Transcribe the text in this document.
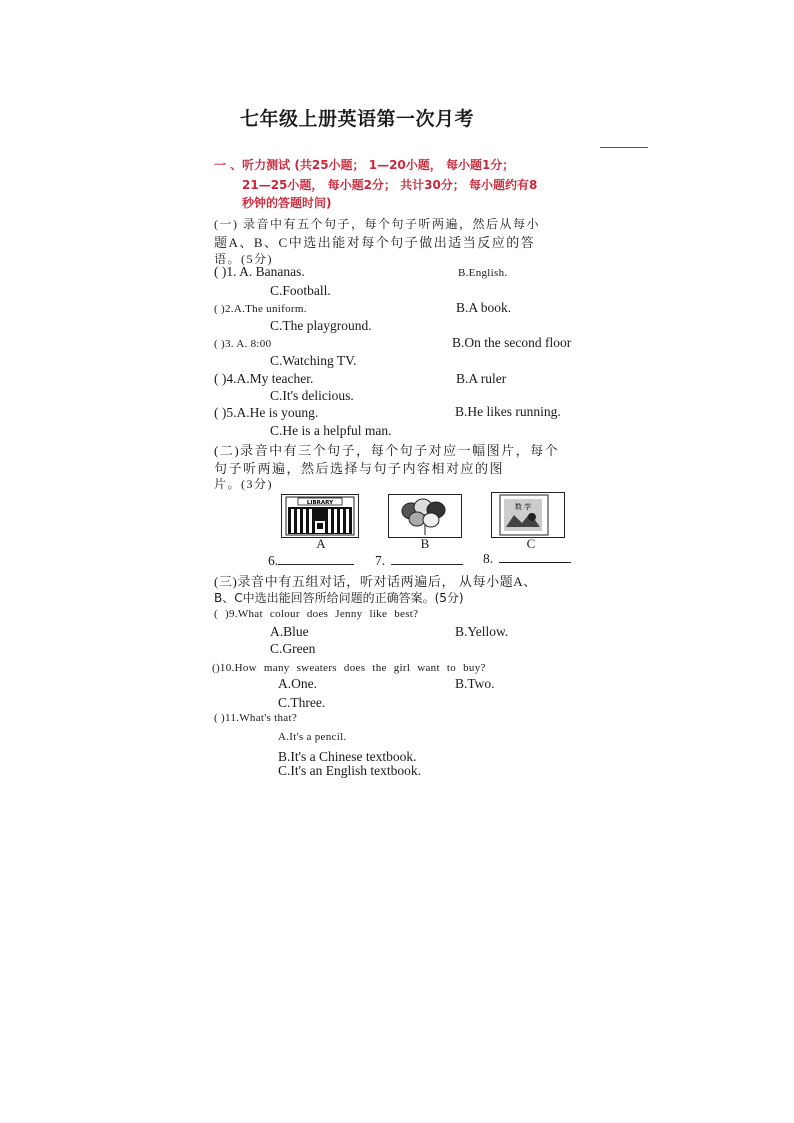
七年级上册英语第一次月考
一 、听力测试 (共25小题； 1—20小题， 每小题1分；
21—25小题， 每小题2分； 共计30分； 每小题约有8
秒钟的答题时间)
(一) 录音中有五个句子，每个句子听两遍，然后从每小
题A、B、C中选出能对每个句子做出适当反应的答
语。(5分)
( )1. A. Bananas.	B.English.
C.Football.
( )2.A.The uniform.	B.A book.
C.The playground.
( )3. A. 8:00	B.On the second floor
C.Watching TV.
( )4.A.My teacher.	B.A ruler
C.It's delicious.
( )5.A.He is young.	B.He likes running.
C.He is a helpful man.
(二)录音中有三个句子，每个句子对应一幅图片，每个
句子听两遍，然后选择与句子内容相对应的图
片。(3分)
LIBRARY
A	B
数 学
C
6.	7.	8.
(三)录音中有五组对话，听对话两遍后， 从每小题A、
B、C中选出能回答所给问题的正确答案。(5分)
( )9.What colour does Jenny like best?
A.Blue	B.Yellow.
C.Green
()10.How many sweaters does the girl want to buy?
A.One.	B.Two.
C.Three.
( )11.What's that?
A.It's a pencil.
B.It's a Chinese textbook.
C.It's an English textbook.
